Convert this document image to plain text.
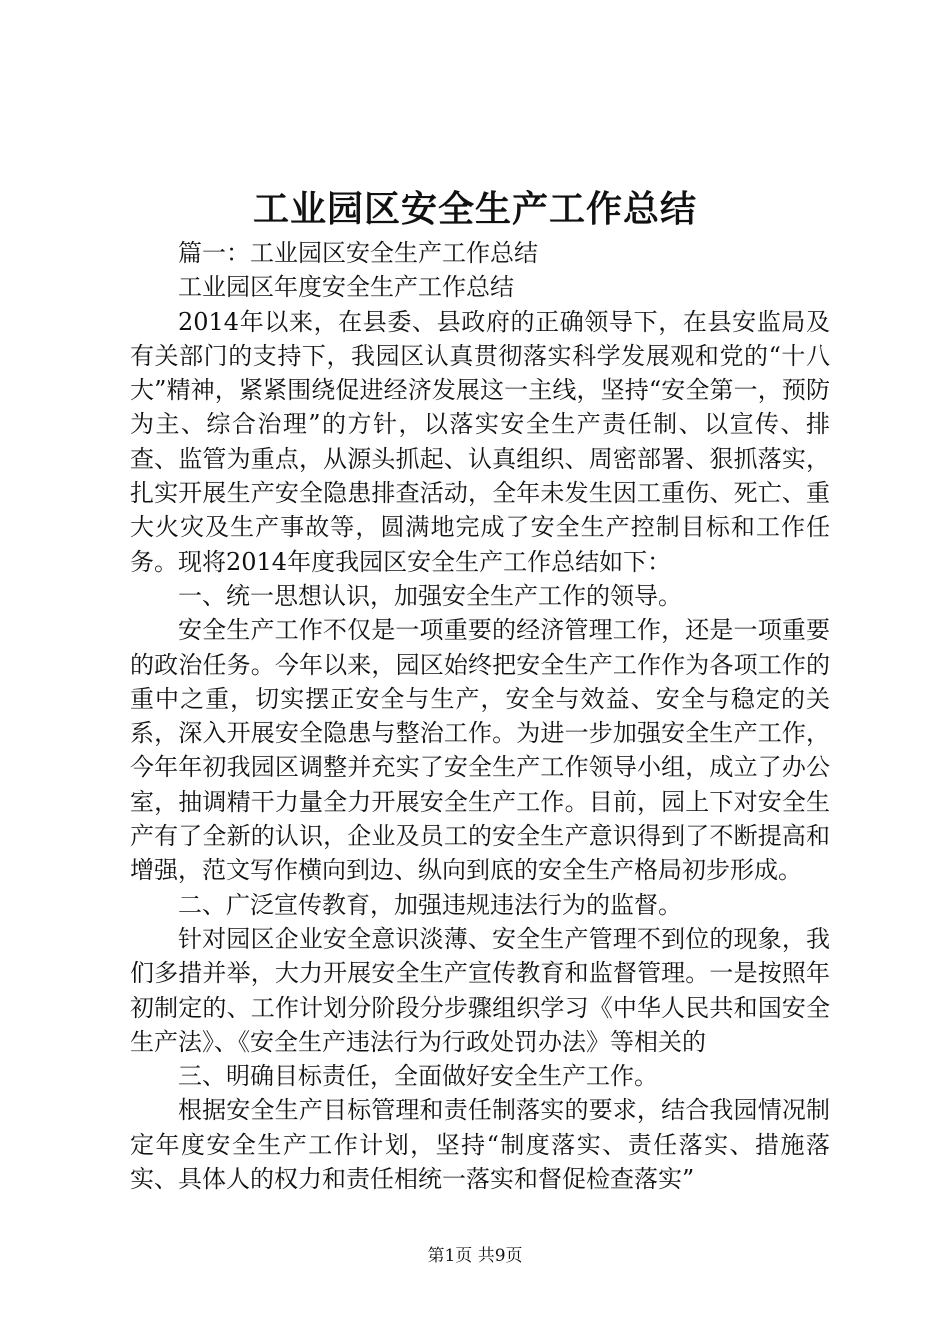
工业园区安全生产工作总结

篇一：工业园区安全生产工作总结

工业园区年度安全生产工作总结

2014年以来，在县委、县政府的正确领导下，在县安监局及有关部门的支持下，我园区认真贯彻落实科学发展观和党的“十八大”精神，紧紧围绕促进经济发展这一主线，坚持“安全第一，预防为主、综合治理”的方针，以落实安全生产责任制、以宣传、排查、监管为重点，从源头抓起、认真组织、周密部署、狠抓落实，扎实开展生产安全隐患排查活动，全年未发生因工重伤、死亡、重大火灾及生产事故等，圆满地完成了安全生产控制目标和工作任务。现将2014年度我园区安全生产工作总结如下：

一、统一思想认识，加强安全生产工作的领导。

安全生产工作不仅是一项重要的经济管理工作，还是一项重要的政治任务。今年以来，园区始终把安全生产工作作为各项工作的重中之重，切实摆正安全与生产，安全与效益、安全与稳定的关系，深入开展安全隐患与整治工作。为进一步加强安全生产工作，今年年初我园区调整并充实了安全生产工作领导小组，成立了办公室，抽调精干力量全力开展安全生产工作。目前，园上下对安全生产有了全新的认识，企业及员工的安全生产意识得到了不断提高和增强，范文写作横向到边、纵向到底的安全生产格局初步形成。

二、广泛宣传教育，加强违规违法行为的监督。

针对园区企业安全意识淡薄、安全生产管理不到位的现象，我们多措并举，大力开展安全生产宣传教育和监督管理。一是按照年初制定的、工作计划分阶段分步骤组织学习《中华人民共和国安全生产法》、《安全生产违法行为行政处罚办法》等相关的

三、明确目标责任，全面做好安全生产工作。

根据安全生产目标管理和责任制落实的要求，结合我园情况制定年度安全生产工作计划，坚持“制度落实、责任落实、措施落实、具体人的权力和责任相统一落实和督促检查落实”

第1页 共9页
